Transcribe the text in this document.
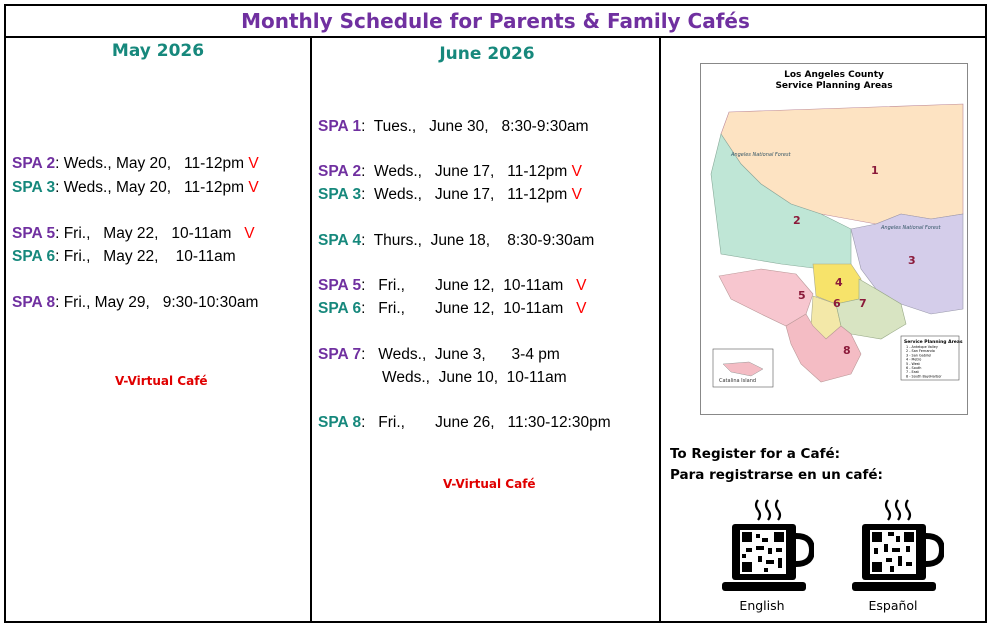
Monthly Schedule for Parents & Family Cafés
May 2026
SPA 2: Weds., May 20,   11-12pm V
SPA 3: Weds., May 20,   11-12pm V
SPA 5: Fri.,   May 22,   10-11am   V
SPA 6: Fri.,   May 22,    10-11am
SPA 8: Fri., May 29,   9:30-10:30am
V-Virtual Café
June 2026
SPA 1:  Tues.,   June 30,   8:30-9:30am
SPA 2:  Weds.,   June 17,   11-12pm V
SPA 3:  Weds.,   June 17,   11-12pm V
SPA 4:  Thurs.,  June 18,    8:30-9:30am
SPA 5:   Fri.,       June 12,  10-11am   V
SPA 6:   Fri.,       June 12,  10-11am   V
SPA 7:   Weds.,  June 3,      3-4 pm
Weds.,  June 10,  10-11am
SPA 8:   Fri.,       June 26,   11:30-12:30pm
V-Virtual Café
Los Angeles County
Service Planning Areas
1
2
3
4
5
6 7
8
Angeles National Forest
Angeles National Forest
Catalina Island
Service Planning Areas
1 - Antelope Valley
2 - San Fernando
3 - San Gabriel
4 - Metro
5 - West
6 - South
7 - East
8 - South Bay/Harbor
To Register for a Café:
Para registrarse en un café:
English	Español
